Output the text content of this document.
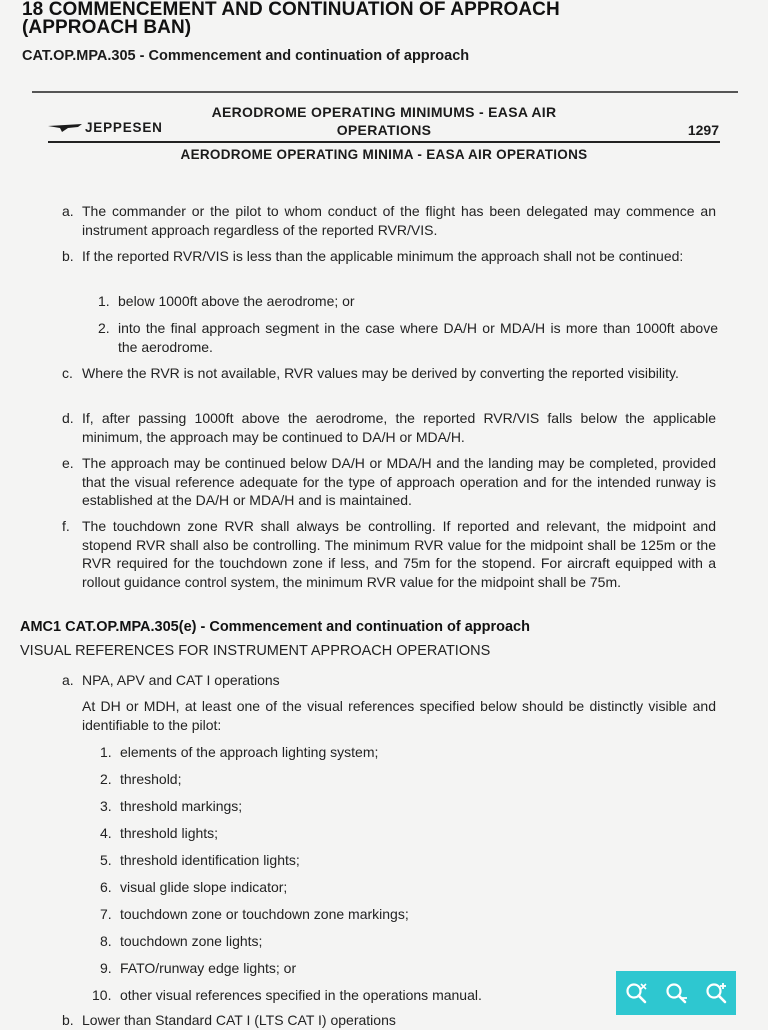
18 COMMENCEMENT AND CONTINUATION OF APPROACH
(APPROACH BAN)
CAT.OP.MPA.305 - Commencement and continuation of approach
AERODROME OPERATING MINIMUMS - EASA AIR
OPERATIONS
JEPPESEN	1297
AERODROME OPERATING MINIMA - EASA AIR OPERATIONS
a. The commander or the pilot to whom conduct of the flight has been delegated may commence an instrument approach regardless of the reported RVR/VIS.
b. If the reported RVR/VIS is less than the applicable minimum the approach shall not be continued:
1. below 1000ft above the aerodrome; or
2. into the final approach segment in the case where DA/H or MDA/H is more than 1000ft above the aerodrome.
c. Where the RVR is not available, RVR values may be derived by converting the reported visibility.
d. If, after passing 1000ft above the aerodrome, the reported RVR/VIS falls below the applicable minimum, the approach may be continued to DA/H or MDA/H.
e. The approach may be continued below DA/H or MDA/H and the landing may be completed, provided that the visual reference adequate for the type of approach operation and for the intended runway is established at the DA/H or MDA/H and is maintained.
f. The touchdown zone RVR shall always be controlling. If reported and relevant, the midpoint and stopend RVR shall also be controlling. The minimum RVR value for the midpoint shall be 125m or the RVR required for the touchdown zone if less, and 75m for the stopend. For aircraft equipped with a rollout guidance control system, the minimum RVR value for the midpoint shall be 75m.
AMC1 CAT.OP.MPA.305(e) - Commencement and continuation of approach
VISUAL REFERENCES FOR INSTRUMENT APPROACH OPERATIONS
a. NPA, APV and CAT I operations
At DH or MDH, at least one of the visual references specified below should be distinctly visible and identifiable to the pilot:
1. elements of the approach lighting system;
2. threshold;
3. threshold markings;
4. threshold lights;
5. threshold identification lights;
6. visual glide slope indicator;
7. touchdown zone or touchdown zone markings;
8. touchdown zone lights;
9. FATO/runway edge lights; or
10. other visual references specified in the operations manual.
b. Lower than Standard CAT I (LTS CAT I) operations
